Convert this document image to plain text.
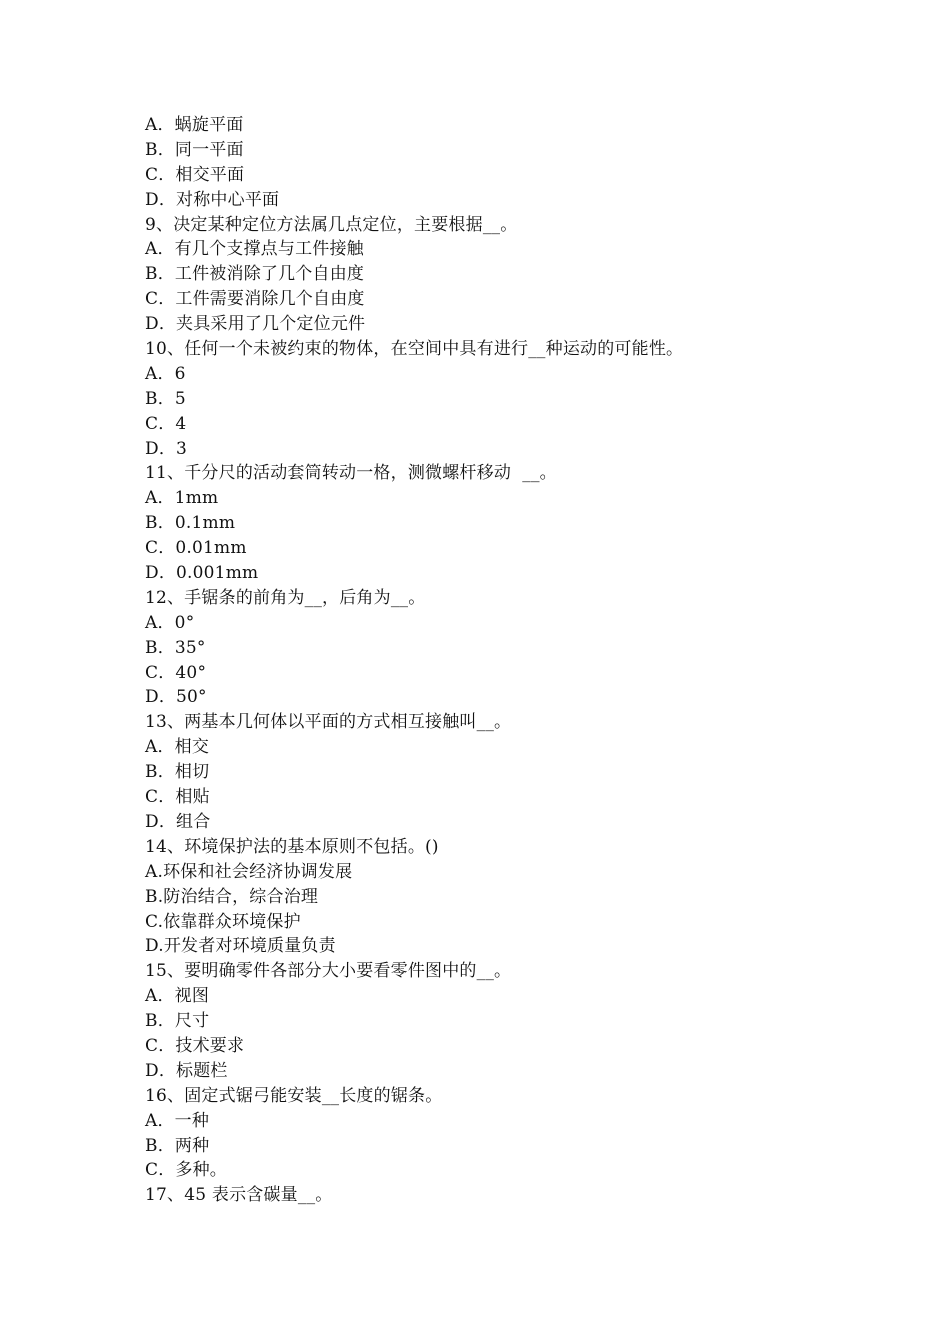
A．蜗旋平面
B．同一平面
C．相交平面
D．对称中心平面
9、决定某种定位方法属几点定位，主要根据__。
A．有几个支撑点与工件接触
B．工件被消除了几个自由度
C．工件需要消除几个自由度
D．夹具采用了几个定位元件
10、任何一个未被约束的物体，在空间中具有进行__种运动的可能性。
A．6
B．5
C．4
D．3
11、千分尺的活动套筒转动一格，测微螺杆移动  __。
A．1mm
B．0.1mm
C．0.01mm
D．0.001mm
12、手锯条的前角为__，后角为__。
A．0°
B．35°
C．40°
D．50°
13、两基本几何体以平面的方式相互接触叫__。
A．相交
B．相切
C．相贴
D．组合
14、环境保护法的基本原则不包括。()
A.环保和社会经济协调发展
B.防治结合，综合治理
C.依靠群众环境保护
D.开发者对环境质量负责
15、要明确零件各部分大小要看零件图中的__。
A．视图
B．尺寸
C．技术要求
D．标题栏
16、固定式锯弓能安装__长度的锯条。
A．一种
B．两种
C．多种。
17、45 表示含碳量__。
